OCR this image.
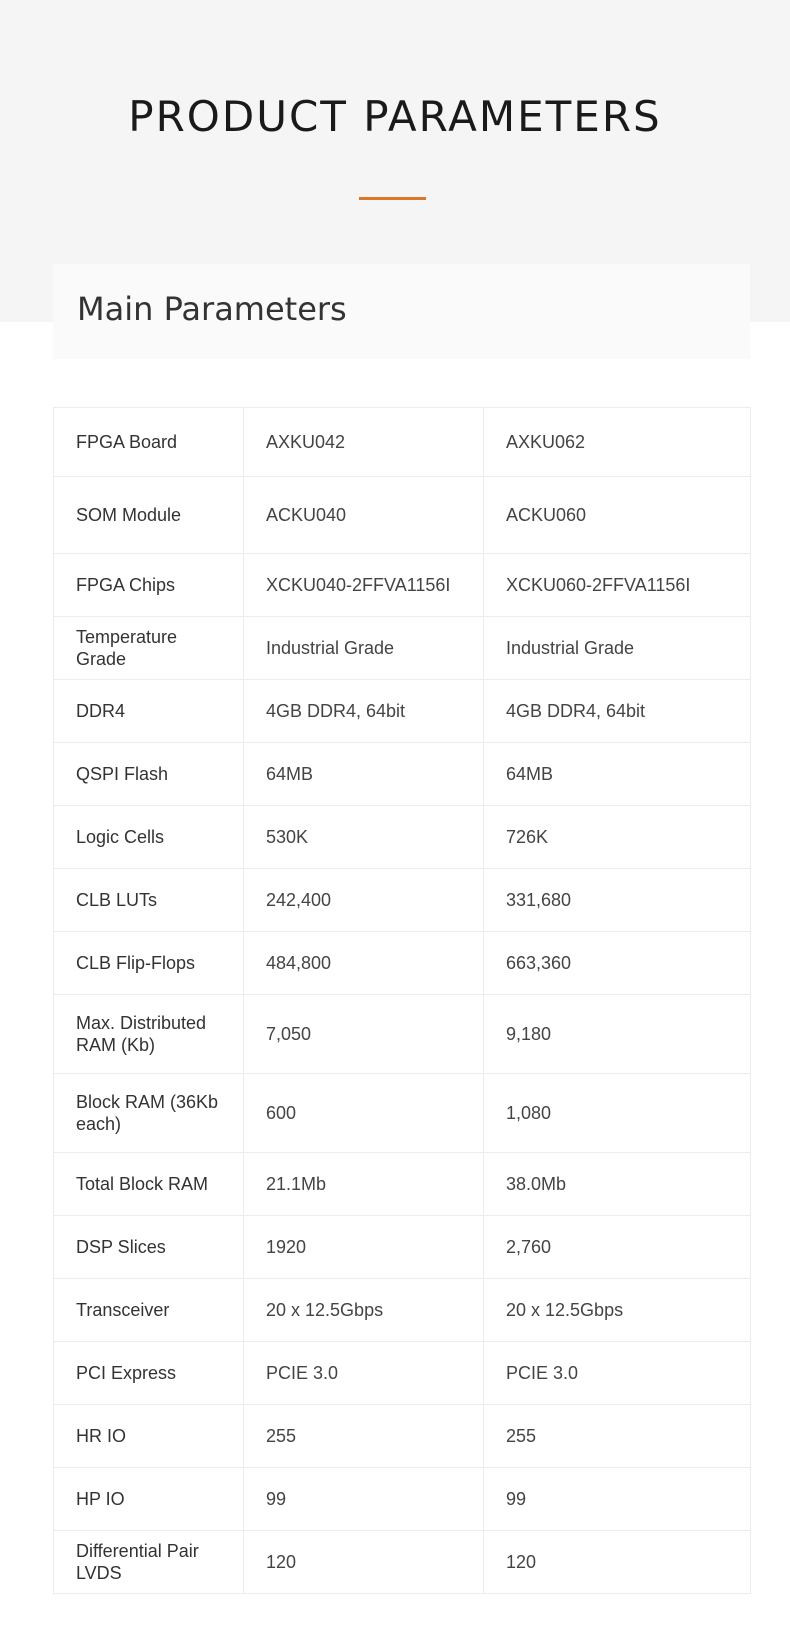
PRODUCT PARAMETERS
Main Parameters
FPGA Board	AXKU042	AXKU062
SOM Module	ACKU040	ACKU060
FPGA Chips	XCKU040-2FFVA1156I	XCKU060-2FFVA1156I
Temperature Grade	Industrial Grade	Industrial Grade
DDR4	4GB DDR4, 64bit	4GB DDR4, 64bit
QSPI Flash	64MB	64MB
Logic Cells	530K	726K
CLB LUTs	242,400	331,680
CLB Flip-Flops	484,800	663,360
Max. Distributed RAM (Kb)	7,050	9,180
Block RAM (36Kb each)	600	1,080
Total Block RAM	21.1Mb	38.0Mb
DSP Slices	1920	2,760
Transceiver	20 x 12.5Gbps	20 x 12.5Gbps
PCI Express	PCIE 3.0	PCIE 3.0
HR IO	255	255
HP IO	99	99
Differential Pair LVDS	120	120
